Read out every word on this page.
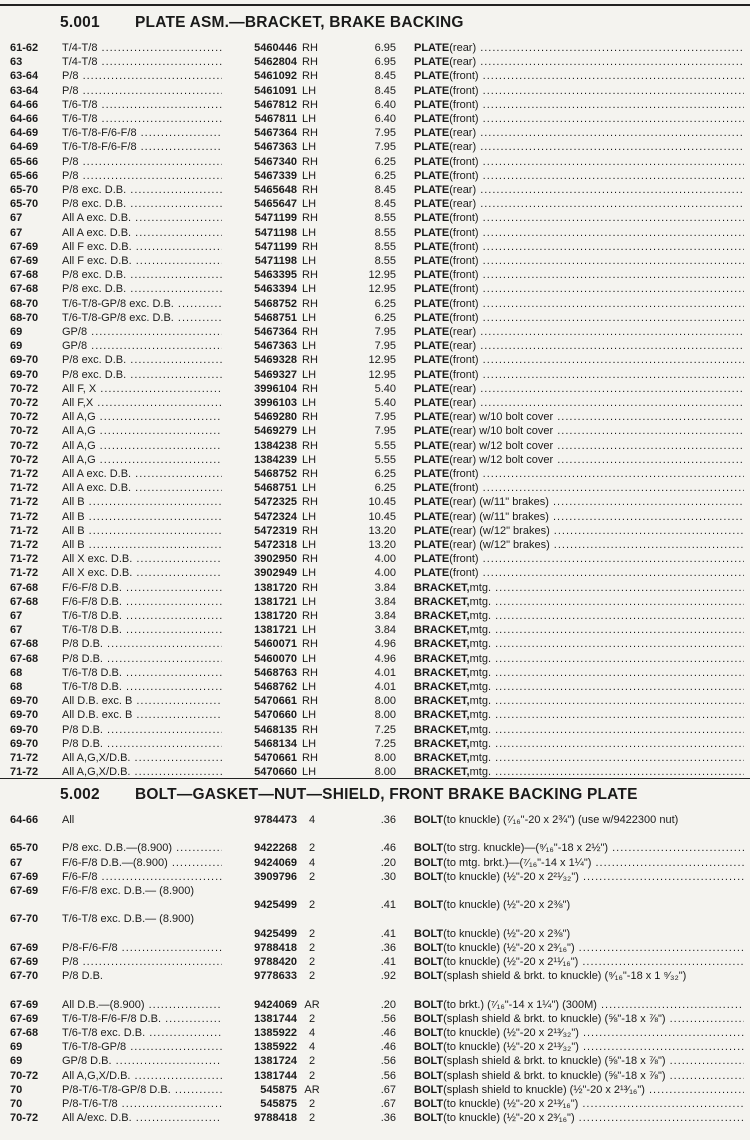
5.001 PLATE ASM.—BRACKET, BRAKE BACKING
61-62 T/4-T/8 .....	5460446 RH	6.95 PLATE (rear) .....
63	T/4-T/8 .....	5462804 RH	6.95 PLATE (rear) .....
63-64 P/8 .....	5461092 RH	8.45 PLATE (front) .....
63-64 P/8 .....	5461091 LH	8.45 PLATE (front) .....
64-66 T/6-T/8 .....	5467812 RH	6.40 PLATE (front) .....
64-66 T/6-T/8 .....	5467811 LH	6.40 PLATE (front) .....
64-69 T/6-T/8-F/6-F/8 .....	5467364 RH	7.95 PLATE (rear) .....
64-69 T/6-T/8-F/6-F/8 .....	5467363 LH	7.95 PLATE (rear) .....
65-66 P/8 .....	5467340 RH	6.25 PLATE (front) .....
65-66 P/8 .....	5467339 LH	6.25 PLATE (front) .....
65-70 P/8 exc. D.B. .....	5465648 RH	8.45 PLATE (rear) .....
65-70 P/8 exc. D.B. .....	5465647 LH	8.45 PLATE (rear) .....
67	All A exc. D.B. .....	5471199 RH	8.55 PLATE (front) .....
67	All A exc. D.B. .....	5471198 LH	8.55 PLATE (front) .....
67-69 All F exc. D.B. .....	5471199 RH	8.55 PLATE (front) .....
67-69 All F exc. D.B. .....	5471198 LH	8.55 PLATE (front) .....
67-68 P/8 exc. D.B. .....	5463395 RH	12.95 PLATE (front) .....
67-68 P/8 exc. D.B. .....	5463394 LH	12.95 PLATE (front) .....
68-70 T/6-T/8-GP/8 exc. D.B. .....	5468752 RH	6.25 PLATE (front) .....
68-70 T/6-T/8-GP/8 exc. D.B. .....	5468751 LH	6.25 PLATE (front) .....
69	GP/8 .....	5467364 RH	7.95 PLATE (rear) .....
69	GP/8 .....	5467363 LH	7.95 PLATE (rear) .....
69-70 P/8 exc. D.B. .....	5469328 RH	12.95 PLATE (front) .....
69-70 P/8 exc. D.B. .....	5469327 LH	12.95 PLATE (front) .....
70-72 All F, X .....	3996104 RH	5.40 PLATE (rear) .....
70-72 All F,X .....	3996103 LH	5.40 PLATE (rear) .....
70-72 All A,G .....	5469280 RH	7.95 PLATE (rear) w/10 bolt cover .....
70-72 All A,G .....	5469279 LH	7.95 PLATE (rear) w/10 bolt cover .....
70-72 All A,G .....	1384238 RH	5.55 PLATE (rear) w/12 bolt cover .....
70-72 All A,G .....	1384239 LH	5.55 PLATE (rear) w/12 bolt cover .....
71-72 All A exc. D.B. .....	5468752 RH	6.25 PLATE (front) .....
71-72 All A exc. D.B. .....	5468751 LH	6.25 PLATE (front) .....
71-72 All B .....	5472325 RH	10.45 PLATE (rear) (w/11" brakes) .....
71-72 All B .....	5472324 LH	10.45 PLATE (rear) (w/11" brakes) .....
71-72 All B .....	5472319 RH	13.20 PLATE (rear) (w/12" brakes) .....
71-72 All B .....	5472318 LH	13.20 PLATE (rear) (w/12" brakes) .....
71-72 All X exc. D.B. .....	3902950 RH	4.00 PLATE (front) .....
71-72 All X exc. D.B. .....	3902949 LH	4.00 PLATE (front) .....
67-68 F/6-F/8 D.B. .....	1381720 RH	3.84 BRACKET, mtg. .....
67-68 F/6-F/8 D.B. .....	1381721 LH	3.84 BRACKET, mtg. .....
67	T/6-T/8 D.B. .....	1381720 RH	3.84 BRACKET, mtg. .....
67	T/6-T/8 D.B. .....	1381721 LH	3.84 BRACKET, mtg. .....
67-68 P/8 D.B. .....	5460071 RH	4.96 BRACKET, mtg. .....
67-68 P/8 D.B. .....	5460070 LH	4.96 BRACKET, mtg. .....
68	T/6-T/8 D.B. .....	5468763 RH	4.01 BRACKET, mtg. .....
68	T/6-T/8 D.B. .....	5468762 LH	4.01 BRACKET, mtg. .....
69-70 All D.B. exc. B .....	5470661 RH	8.00 BRACKET, mtg. .....
69-70 All D.B. exc. B .....	5470660 LH	8.00 BRACKET, mtg. .....
69-70 P/8 D.B. .....	5468135 RH	7.25 BRACKET, mtg. .....
69-70 P/8 D.B. .....	5468134 LH	7.25 BRACKET, mtg. .....
71-72 All A,G,X/D.B. .....	5470661 RH	8.00 BRACKET, mtg. .....
71-72 All A,G,X/D.B. .....	5470660 LH	8.00 BRACKET, mtg. .....
5.002 BOLT—GASKET—NUT—SHIELD, FRONT BRAKE BACKING PLATE
64-66 All	9784473	4	.36 BOLT (to knuckle) (⁷⁄₁₆"-20 x 2¾") (use w/9422300 nut)
65-70 P/8 exc. D.B.—(8.900) .....	9422268	2	.46 BOLT (to strg. knuckle)—(⁹⁄₁₆"-18 x 2½") .....
67	F/6-F/8 D.B.—(8.900) .....	9424069	4	.20 BOLT (to mtg. brkt.)—(⁷⁄₁₆"-14 x 1¼") .....
67-69 F/6-F/8 .....	3909796	2	.30 BOLT (to knuckle) (½"-20 x 2²¹⁄₃₂") .....
67-69 F/6-F/8 exc. D.B.— (8.900)
9425499	2	.41 BOLT (to knuckle) (½"-20 x 2⅜")
67-70 T/6-T/8 exc. D.B.— (8.900)
9425499	2	.41 BOLT (to knuckle) (½"-20 x 2⅜")
67-69 P/8-F/6-F/8 .....	9788418	2	.36 BOLT (to knuckle) (½"-20 x 2³⁄₁₆") .....
67-69 P/8 .....	9788420	2	.41 BOLT (to knuckle) (½"-20 x 2¹¹⁄₁₆") .....
67-70 P/8 D.B.	9778633	2	.92 BOLT (splash shield & brkt. to knuckle) (⁹⁄₁₆"-18 x 1 ⁹⁄₃₂")
67-69 All D.B.—(8.900) .....	9424069 AR	.20 BOLT (to brkt.) (⁷⁄₁₆"-14 x 1¼") (300M) .....
67-69 T/6-T/8-F/6-F/8 D.B. .....	1381744	2	.56 BOLT (splash shield & brkt. to knuckle) (⅝"-18 x ⅞") .....
67-68 T/6-T/8 exc. D.B. .....	1385922	4	.46 BOLT (to knuckle) (½"-20 x 2¹³⁄₃₂") .....
69	T/6-T/8-GP/8 .....	1385922	4	.46 BOLT (to knuckle) (½"-20 x 2¹³⁄₃₂") .....
69	GP/8 D.B. .....	1381724	2	.56 BOLT (splash shield & brkt. to knuckle) (⅝"-18 x ⅞") .....
70-72 All A,G,X/D.B. .....	1381744	2	.56 BOLT (splash shield & brkt. to knuckle) (⅝"-18 x ⅞") .....
70	P/8-T/6-T/8-GP/8 D.B. .....	545875 AR	.67 BOLT (splash shield to knuckle) (½"-20 x 2¹³⁄₁₆") .....
70	P/8-T/6-T/8 .....	545875	2	.67 BOLT (to knuckle) (½"-20 x 2¹³⁄₁₆") .....
70-72 All A/exc. D.B. .....	9788418	2	.36 BOLT (to knuckle) (½"-20 x 2³⁄₁₆") .....
